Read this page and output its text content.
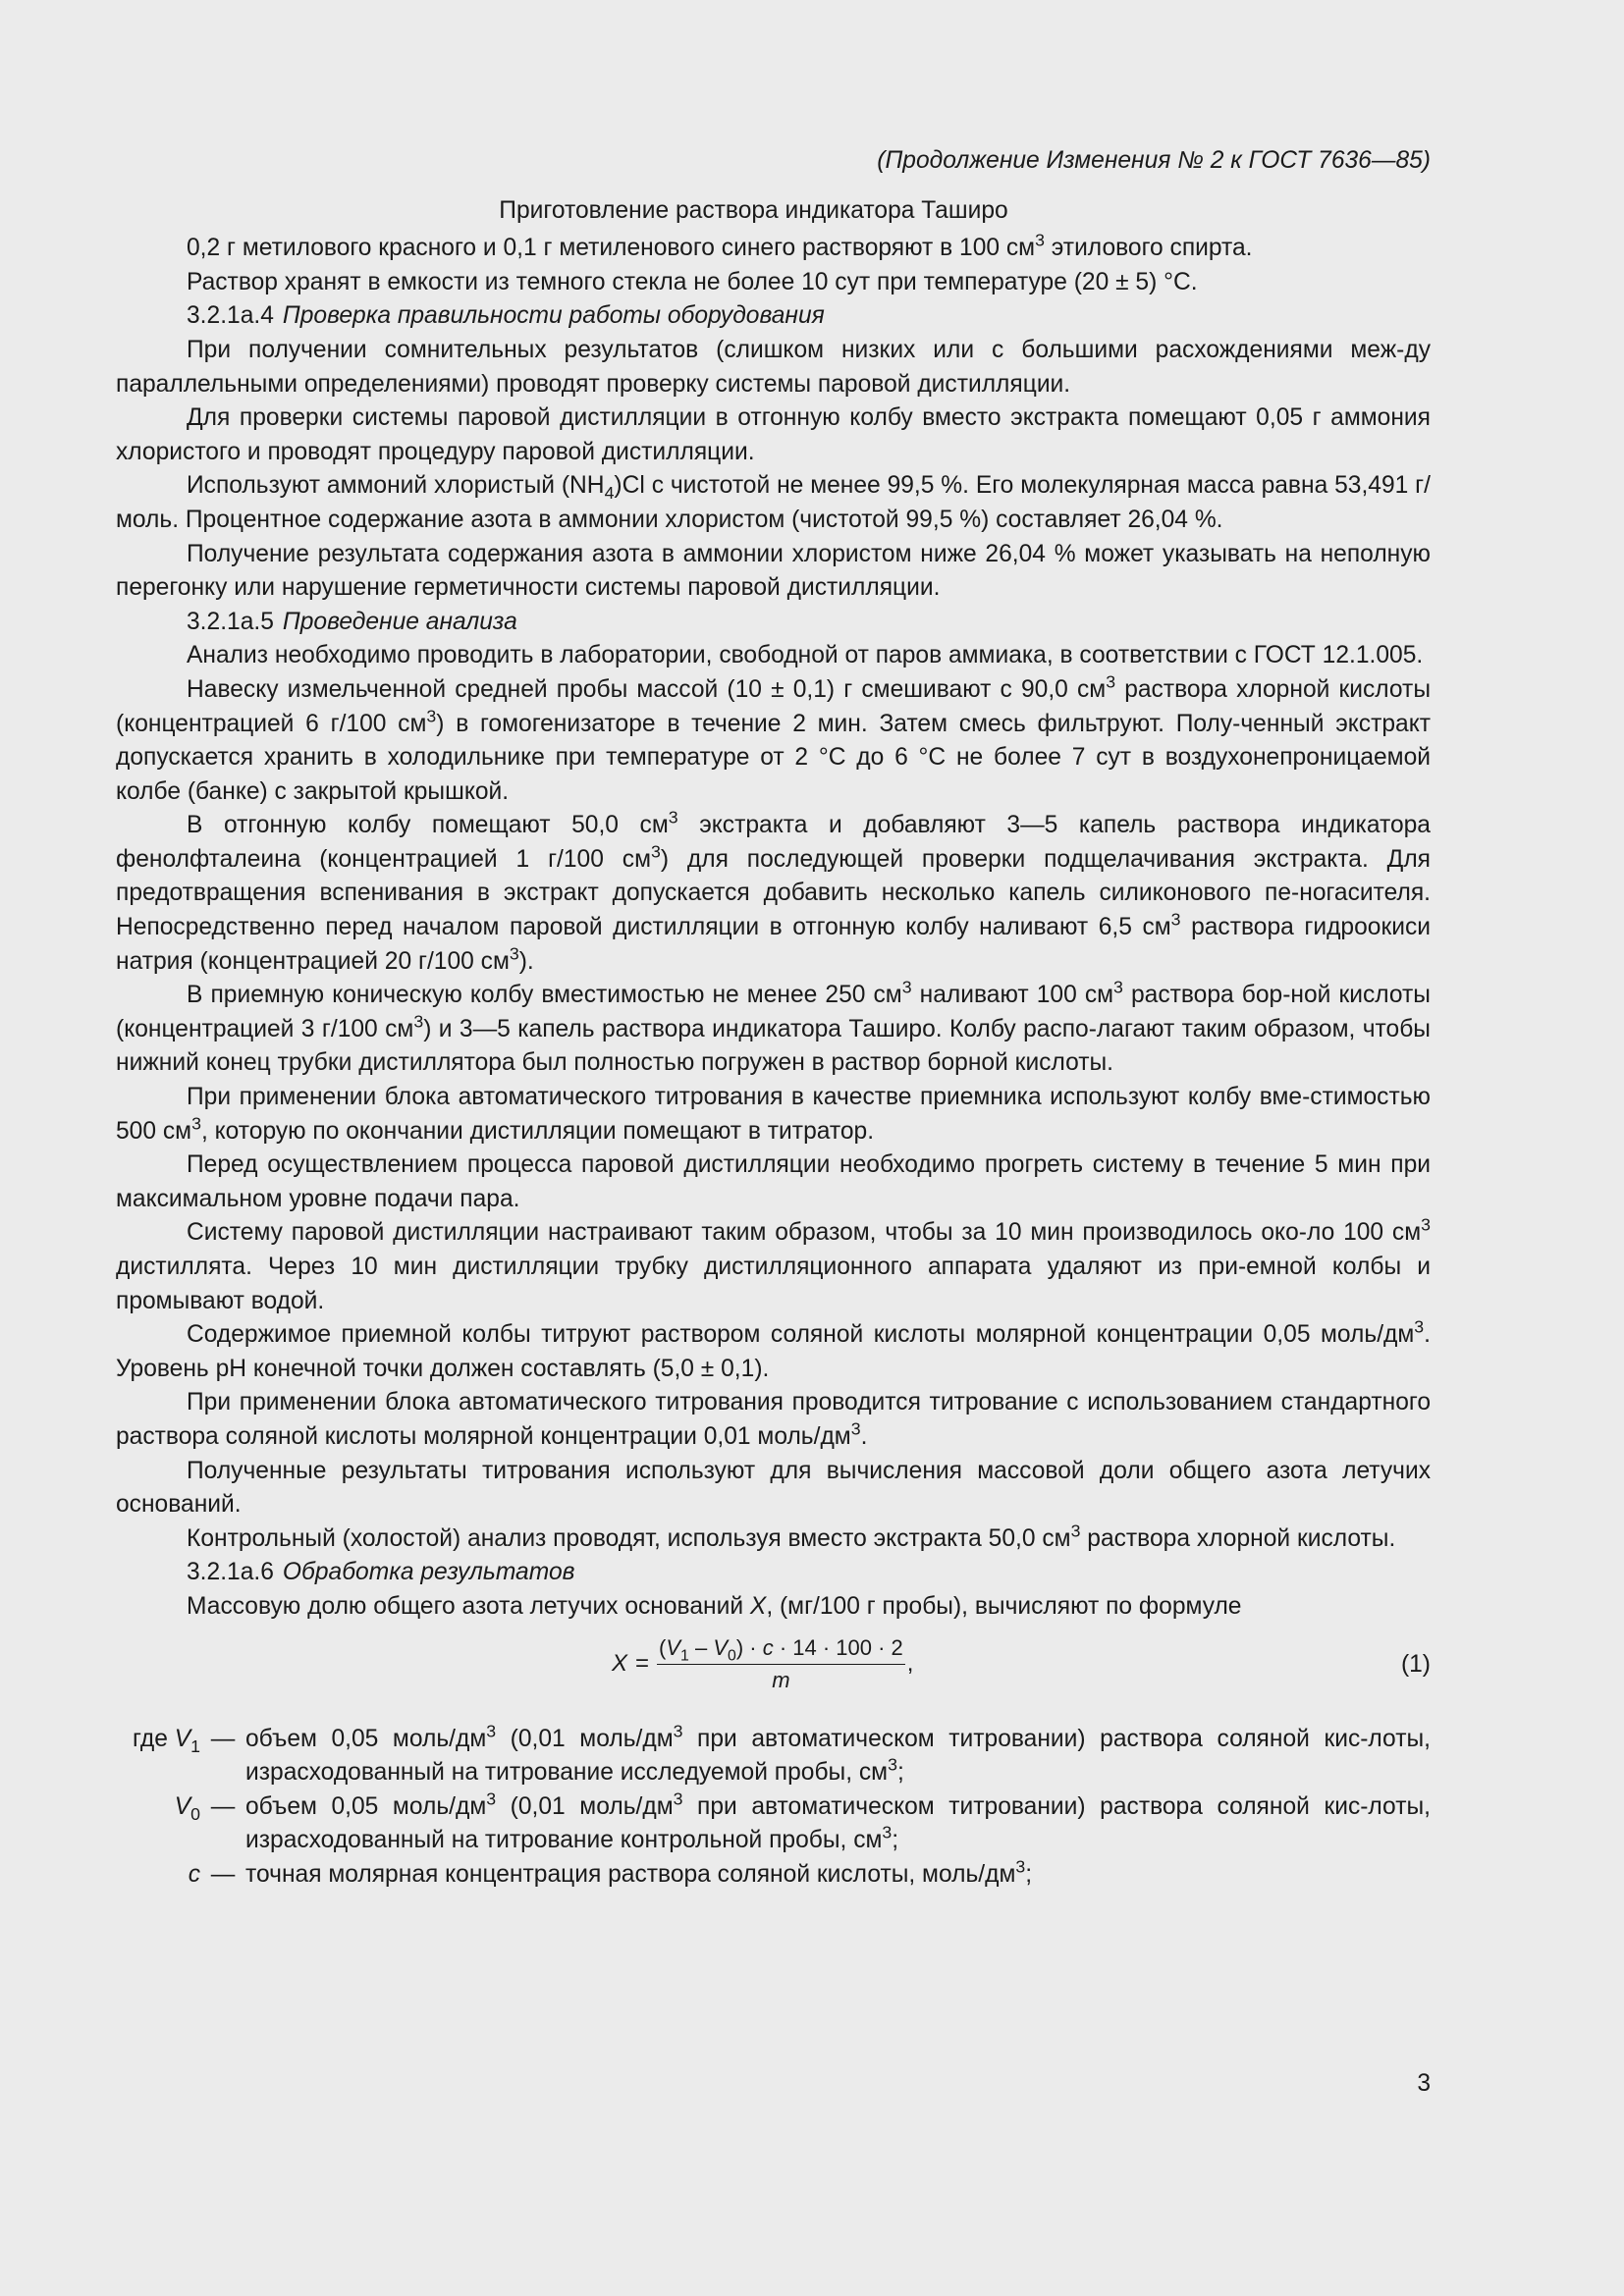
(Продолжение Изменения № 2 к ГОСТ 7636—85)
Приготовление раствора индикатора Таширо

0,2 г метилового красного и 0,1 г метиленового синего растворяют в 100 $см^3$ этилового спирта.

Раствор хранят в емкости из темного стекла не более 10 сут при температуре (20 ± 5) °С.

3.2.1а.4 Проверка правильности работы оборудования

При получении сомнительных результатов (слишком низких или с большими расхождениями меж-ду параллельными определениями) проводят проверку системы паровой дистилляции.

Для проверки системы паровой дистилляции в отгонную колбу вместо экстракта помещают 0,05 г аммония хлористого и проводят процедуру паровой дистилляции.

Используют аммоний хлористый $(NH_4)Cl$ с чистотой не менее 99,5 %. Его молекулярная масса равна 53,491 г/моль. Процентное содержание азота в аммонии хлористом (чистотой 99,5 %) составляет 26,04 %.

Получение результата содержания азота в аммонии хлористом ниже 26,04 % может указывать на неполную перегонку или нарушение герметичности системы паровой дистилляции.

3.2.1а.5 Проведение анализа

Анализ необходимо проводить в лаборатории, свободной от паров аммиака, в соответствии с ГОСТ 12.1.005.

Навеску измельченной средней пробы массой (10 ± 0,1) г смешивают с 90,0 $см^3$ раствора хлорной кислоты (концентрацией 6 г/100 $см^3$) в гомогенизаторе в течение 2 мин. Затем смесь фильтруют. Полу-ченный экстракт допускается хранить в холодильнике при температуре от 2 °С до 6 °С не более 7 сут в воздухонепроницаемой колбе (банке) с закрытой крышкой.

В отгонную колбу помещают 50,0 $см^3$ экстракта и добавляют 3—5 капель раствора индикатора фенолфталеина (концентрацией 1 г/100 $см^3$) для последующей проверки подщелачивания экстракта. Для предотвращения вспенивания в экстракт допускается добавить несколько капель силиконового пе-ногасителя. Непосредственно перед началом паровой дистилляции в отгонную колбу наливают 6,5 $см^3$ раствора гидроокиси натрия (концентрацией 20 г/100 $см^3$).

В приемную коническую колбу вместимостью не менее 250 $см^3$ наливают 100 $см^3$ раствора бор-ной кислоты (концентрацией 3 г/100 $см^3$) и 3—5 капель раствора индикатора Таширо. Колбу распо-лагают таким образом, чтобы нижний конец трубки дистиллятора был полностью погружен в раствор борной кислоты.

При применении блока автоматического титрования в качестве приемника используют колбу вме-стимостью 500 $см^3$, которую по окончании дистилляции помещают в титратор.

Перед осуществлением процесса паровой дистилляции необходимо прогреть систему в течение 5 мин при максимальном уровне подачи пара.

Систему паровой дистилляции настраивают таким образом, чтобы за 10 мин производилось око-ло 100 $см^3$ дистиллята. Через 10 мин дистилляции трубку дистилляционного аппарата удаляют из при-емной колбы и промывают водой.

Содержимое приемной колбы титруют раствором соляной кислоты молярной концентрации 0,05 моль/$дм^3$. Уровень pH конечной точки должен составлять (5,0 ± 0,1).

При применении блока автоматического титрования проводится титрование с использованием стандартного раствора соляной кислоты молярной концентрации 0,01 моль/$дм^3$.

Полученные результаты титрования используют для вычисления массовой доли общего азота летучих оснований.

Контрольный (холостой) анализ проводят, используя вместо экстракта 50,0 $см^3$ раствора хлорной кислоты.

3.2.1а.6 Обработка результатов

Массовую долю общего азота летучих оснований X, (мг/100 г пробы), вычисляют по формуле

$X = \frac{(V_1 - V_0) \cdot c \cdot 14 \cdot 100 \cdot 2}{m}$ ,	(1)
где $V_1$ — объем 0,05 моль/$дм^3$ (0,01 моль/$дм^3$ при автоматическом титровании) раствора соляной кис-лоты, израсходованный на титрование исследуемой пробы, $см^3$;
$V_0$ — объем 0,05 моль/$дм^3$ (0,01 моль/$дм^3$ при автоматическом титровании) раствора соляной кис-лоты, израсходованный на титрование контрольной пробы, $см^3$;
c — точная молярная концентрация раствора соляной кислоты, моль/$дм^3$;
3
